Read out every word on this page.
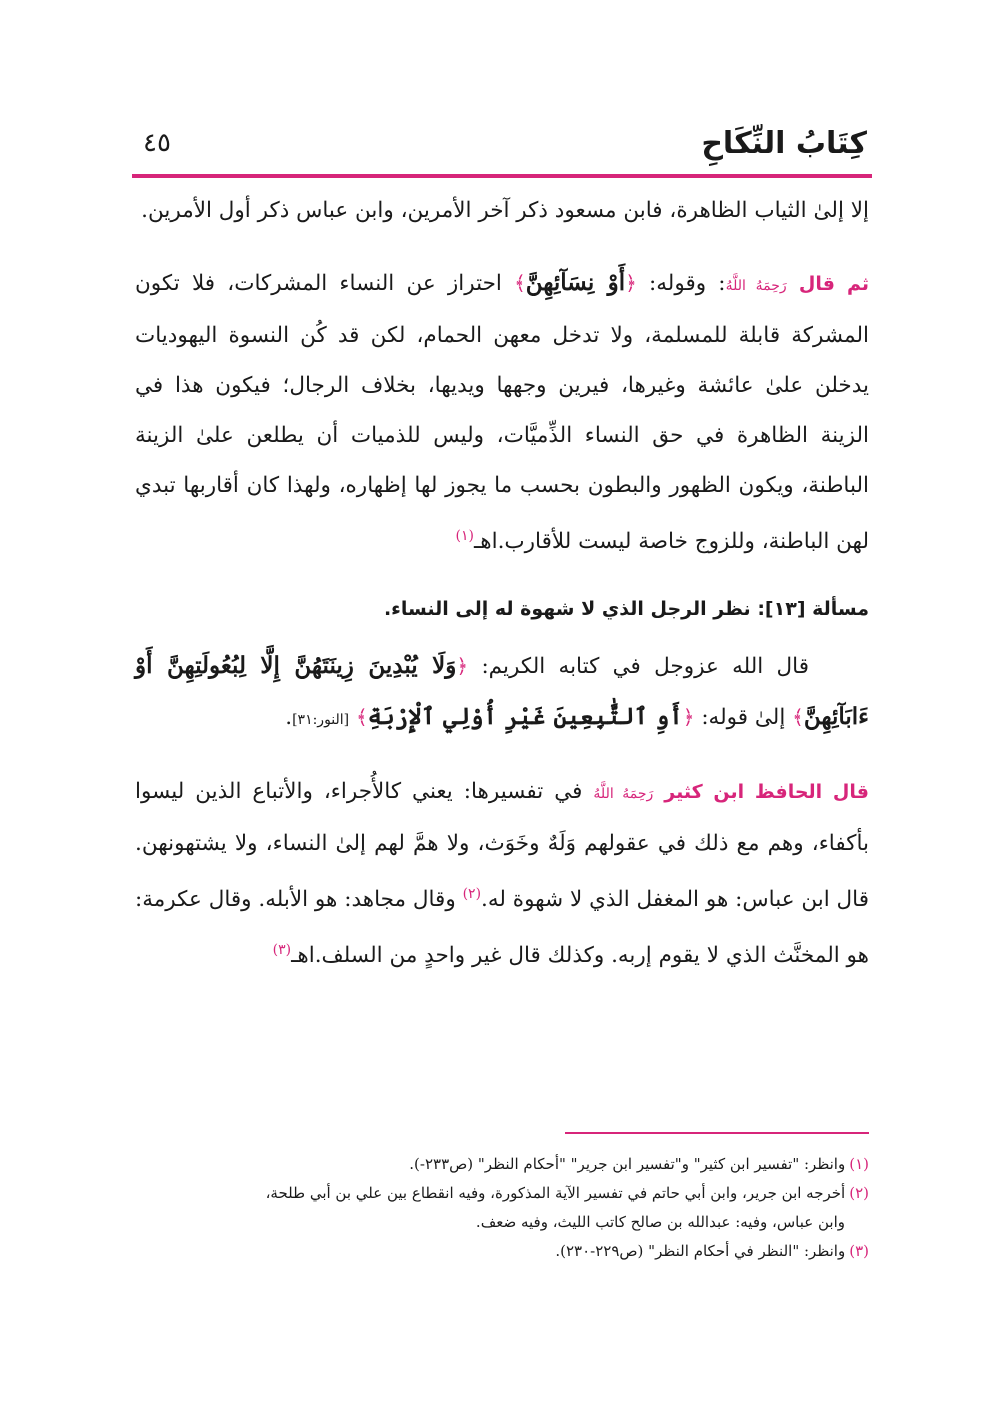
كِتَابُ النِّكَاحِ
٤٥

إلا إلىٰ الثياب الظاهرة، فابن مسعود ذكر آخر الأمرين، وابن عباس ذكر أول الأمرين.

ثم قال رَحِمَهُ اللَّهُ: وقوله: ﴿أَوْ نِسَآئِهِنَّ﴾ احتراز عن النساء المشركات، فلا تكون المشركة قابلة للمسلمة، ولا تدخل معهن الحمام، لكن قد كُن النسوة اليهوديات يدخلن علىٰ عائشة وغيرها، فيرين وجهها ويديها، بخلاف الرجال؛ فيكون هذا في الزينة الظاهرة في حق النساء الذِّميَّات، وليس للذميات أن يطلعن علىٰ الزينة الباطنة، ويكون الظهور والبطون بحسب ما يجوز لها إظهاره، ولهذا كان أقاربها تبدي لهن الباطنة، وللزوج خاصة ليست للأقارب.اهـ$^{(١)}$

مسألة [١٣]: نظر الرجل الذي لا شهوة له إلى النساء.

قال الله عزوجل في كتابه الكريم: ﴿وَلَا يُبْدِينَ زِينَتَهُنَّ إِلَّا لِبُعُولَتِهِنَّ أَوْ ءَابَآئِهِنَّ﴾ إلىٰ قوله: ﴿أَوِ ٱلتَّٰبِعِينَ غَيْرِ أُوْلِي ٱلْإِرْبَةِ﴾ [النور:٣١].

قال الحافظ ابن كثير رَحِمَهُ اللَّهُ في تفسيرها: يعني كالأُجراء، والأتباع الذين ليسوا بأكفاء، وهم مع ذلك في عقولهم وَلَهٌ وخَوَث، ولا همَّ لهم إلىٰ النساء، ولا يشتهونهن. قال ابن عباس: هو المغفل الذي لا شهوة له.$^{(٢)}$ وقال مجاهد: هو الأبله. وقال عكرمة: هو المخنَّث الذي لا يقوم إربه. وكذلك قال غير واحدٍ من السلف.اهـ$^{(٣)}$

(١)وانظر: "تفسير ابن كثير" و"تفسير ابن جرير" "أحكام النظر" (ص٢٣٣-).

(٢)أخرجه ابن جرير، وابن أبي حاتم في تفسير الآية المذكورة، وفيه انقطاع بين علي بن أبي طلحة،
وابن عباس، وفيه: عبدالله بن صالح كاتب الليث، وفيه ضعف.

(٣)وانظر: "النظر في أحكام النظر" (ص٢٢٩-٢٣٠).
